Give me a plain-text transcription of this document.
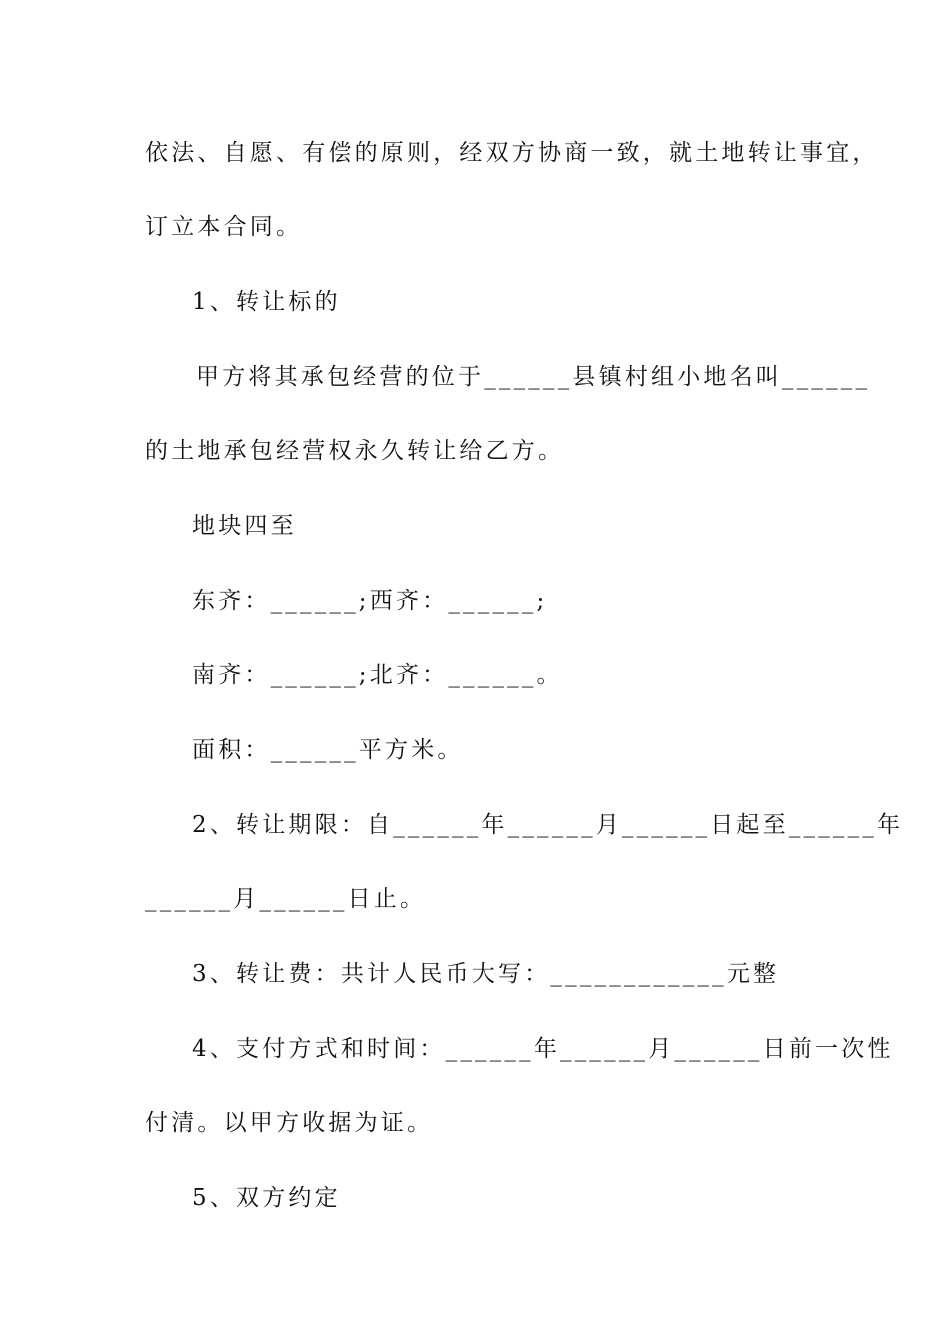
依法、自愿、有偿的原则，经双方协商一致，就土地转让事宜，
订立本合同。
1、转让标的
甲方将其承包经营的位于______县镇村组小地名叫______
的土地承包经营权永久转让给乙方。
地块四至
东齐：______;西齐：______;
南齐：______;北齐：______。
面积：______平方米。
2、转让期限：自______年______月______日起至______年
______月______日止。
3、转让费：共计人民币大写：____________元整
4、支付方式和时间：______年______月______日前一次性
付清。以甲方收据为证。
5、双方约定
